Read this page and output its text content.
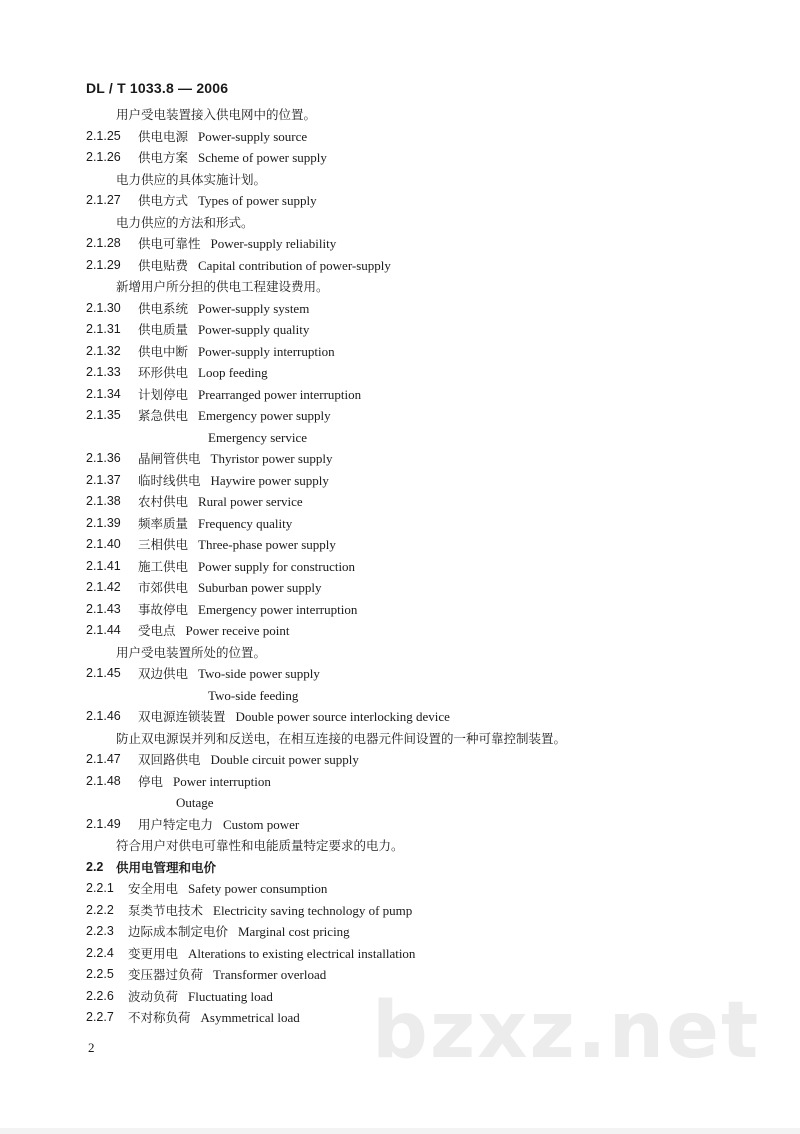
DL / T 1033.8 — 2006
用户受电装置接入供电网中的位置。
2.1.25 供电电源 Power-supply source
2.1.26 供电方案 Scheme of power supply
电力供应的具体实施计划。
2.1.27 供电方式 Types of power supply
电力供应的方法和形式。
2.1.28 供电可靠性 Power-supply reliability
2.1.29 供电贴费 Capital contribution of power-supply
新增用户所分担的供电工程建设费用。
2.1.30 供电系统 Power-supply system
2.1.31 供电质量 Power-supply quality
2.1.32 供电中断 Power-supply interruption
2.1.33 环形供电 Loop feeding
2.1.34 计划停电 Prearranged power interruption
2.1.35 紧急供电 Emergency power supply
Emergency service
2.1.36 晶闸管供电 Thyristor power supply
2.1.37 临时线供电 Haywire power supply
2.1.38 农村供电 Rural power service
2.1.39 频率质量 Frequency quality
2.1.40 三相供电 Three-phase power supply
2.1.41 施工供电 Power supply for construction
2.1.42 市郊供电 Suburban power supply
2.1.43 事故停电 Emergency power interruption
2.1.44 受电点 Power receive point
用户受电装置所处的位置。
2.1.45 双边供电 Two-side power supply
Two-side feeding
2.1.46 双电源连锁装置 Double power source interlocking device
防止双电源误并列和反送电，在相互连接的电器元件间设置的一种可靠控制装置。
2.1.47 双回路供电 Double circuit power supply
2.1.48 停电 Power interruption
Outage
2.1.49 用户特定电力 Custom power
符合用户对供电可靠性和电能质量特定要求的电力。
2.2 供用电管理和电价
2.2.1 安全用电 Safety power consumption
2.2.2 泵类节电技术 Electricity saving technology of pump
2.2.3 边际成本制定电价 Marginal cost pricing
2.2.4 变更用电 Alterations to existing electrical installation
2.2.5 变压器过负荷 Transformer overload
2.2.6 波动负荷 Fluctuating load
2.2.7 不对称负荷 Asymmetrical load bzxz.net
2
